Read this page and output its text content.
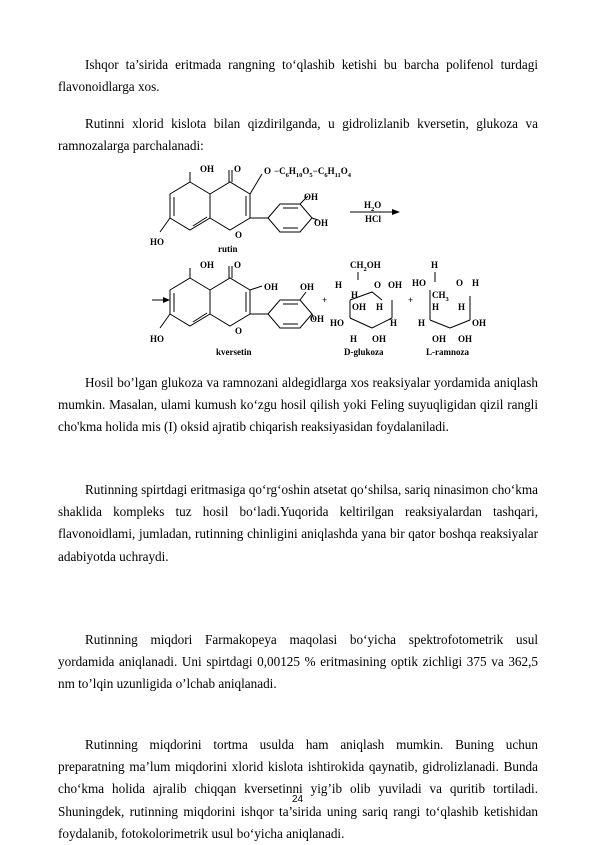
Ishqor ta’sirida eritmada rangning to‘qlashib ketishi bu barcha polifenol turdagi flavonoidlarga xos.

Rutinni xlorid kislota bilan qizdirilganda, u gidrolizlanib kversetin, glukoza va ramnozalarga parchalanadi:

OH O
HO
O
OH
OH
$O -C_6H_{10}O_5-C_6H_{11}O_4$
rutin
$H_2O$
HCl
OH O
HO
O
OH OH
OH
kversetin
+
$CH_2OH$
H	O OH
H
OH H
HO	H
H OH
D-glukoza
+
H
HO	O H
$CH_3$
H H
H	OH
OH OH
L-ramnoza

Hosil bo’lgan glukoza va ramnozani aldegidlarga xos reaksiyalar yordamida aniqlash mumkin. Masalan, ulami kumush ko‘zgu hosil qilish yoki Feling suyuqligidan qizil rangli cho'kma holida mis (I) oksid ajratib chiqarish reaksiyasidan foydalaniladi.

Rutinning spirtdagi eritmasiga qo‘rg‘oshin atsetat qo‘shilsa, sariq ninasimon cho‘kma shaklida kompleks tuz hosil bo‘ladi.Yuqorida keltirilgan reaksiyalardan tashqari, flavonoidlami, jumladan, rutinning chinligini aniqlashda yana bir qator boshqa reaksiyalar adabiyotda uchraydi.

Rutinning miqdori Farmakopeya maqolasi bo‘yicha spektrofotometrik usul yordamida aniqlanadi. Uni spirtdagi 0,00125 % eritmasining optik zichligi 375 va 362,5 nm to’lqin uzunligida o’lchab aniqlanadi.

Rutinning miqdorini tortma usulda ham aniqlash mumkin. Buning uchun preparatning ma’lum miqdorini xlorid kislota ishtirokida qaynatib, gidrolizlanadi. Bunda cho‘kma holida ajralib chiqqan kversetinni yig’ib olib yuviladi va quritib tortiladi. Shuningdek, rutinning miqdorini ishqor ta’sirida uning sariq rangi to‘qlashib ketishidan foydalanib, fotokolorimetrik usul bo‘yicha aniqlanadi.

24
